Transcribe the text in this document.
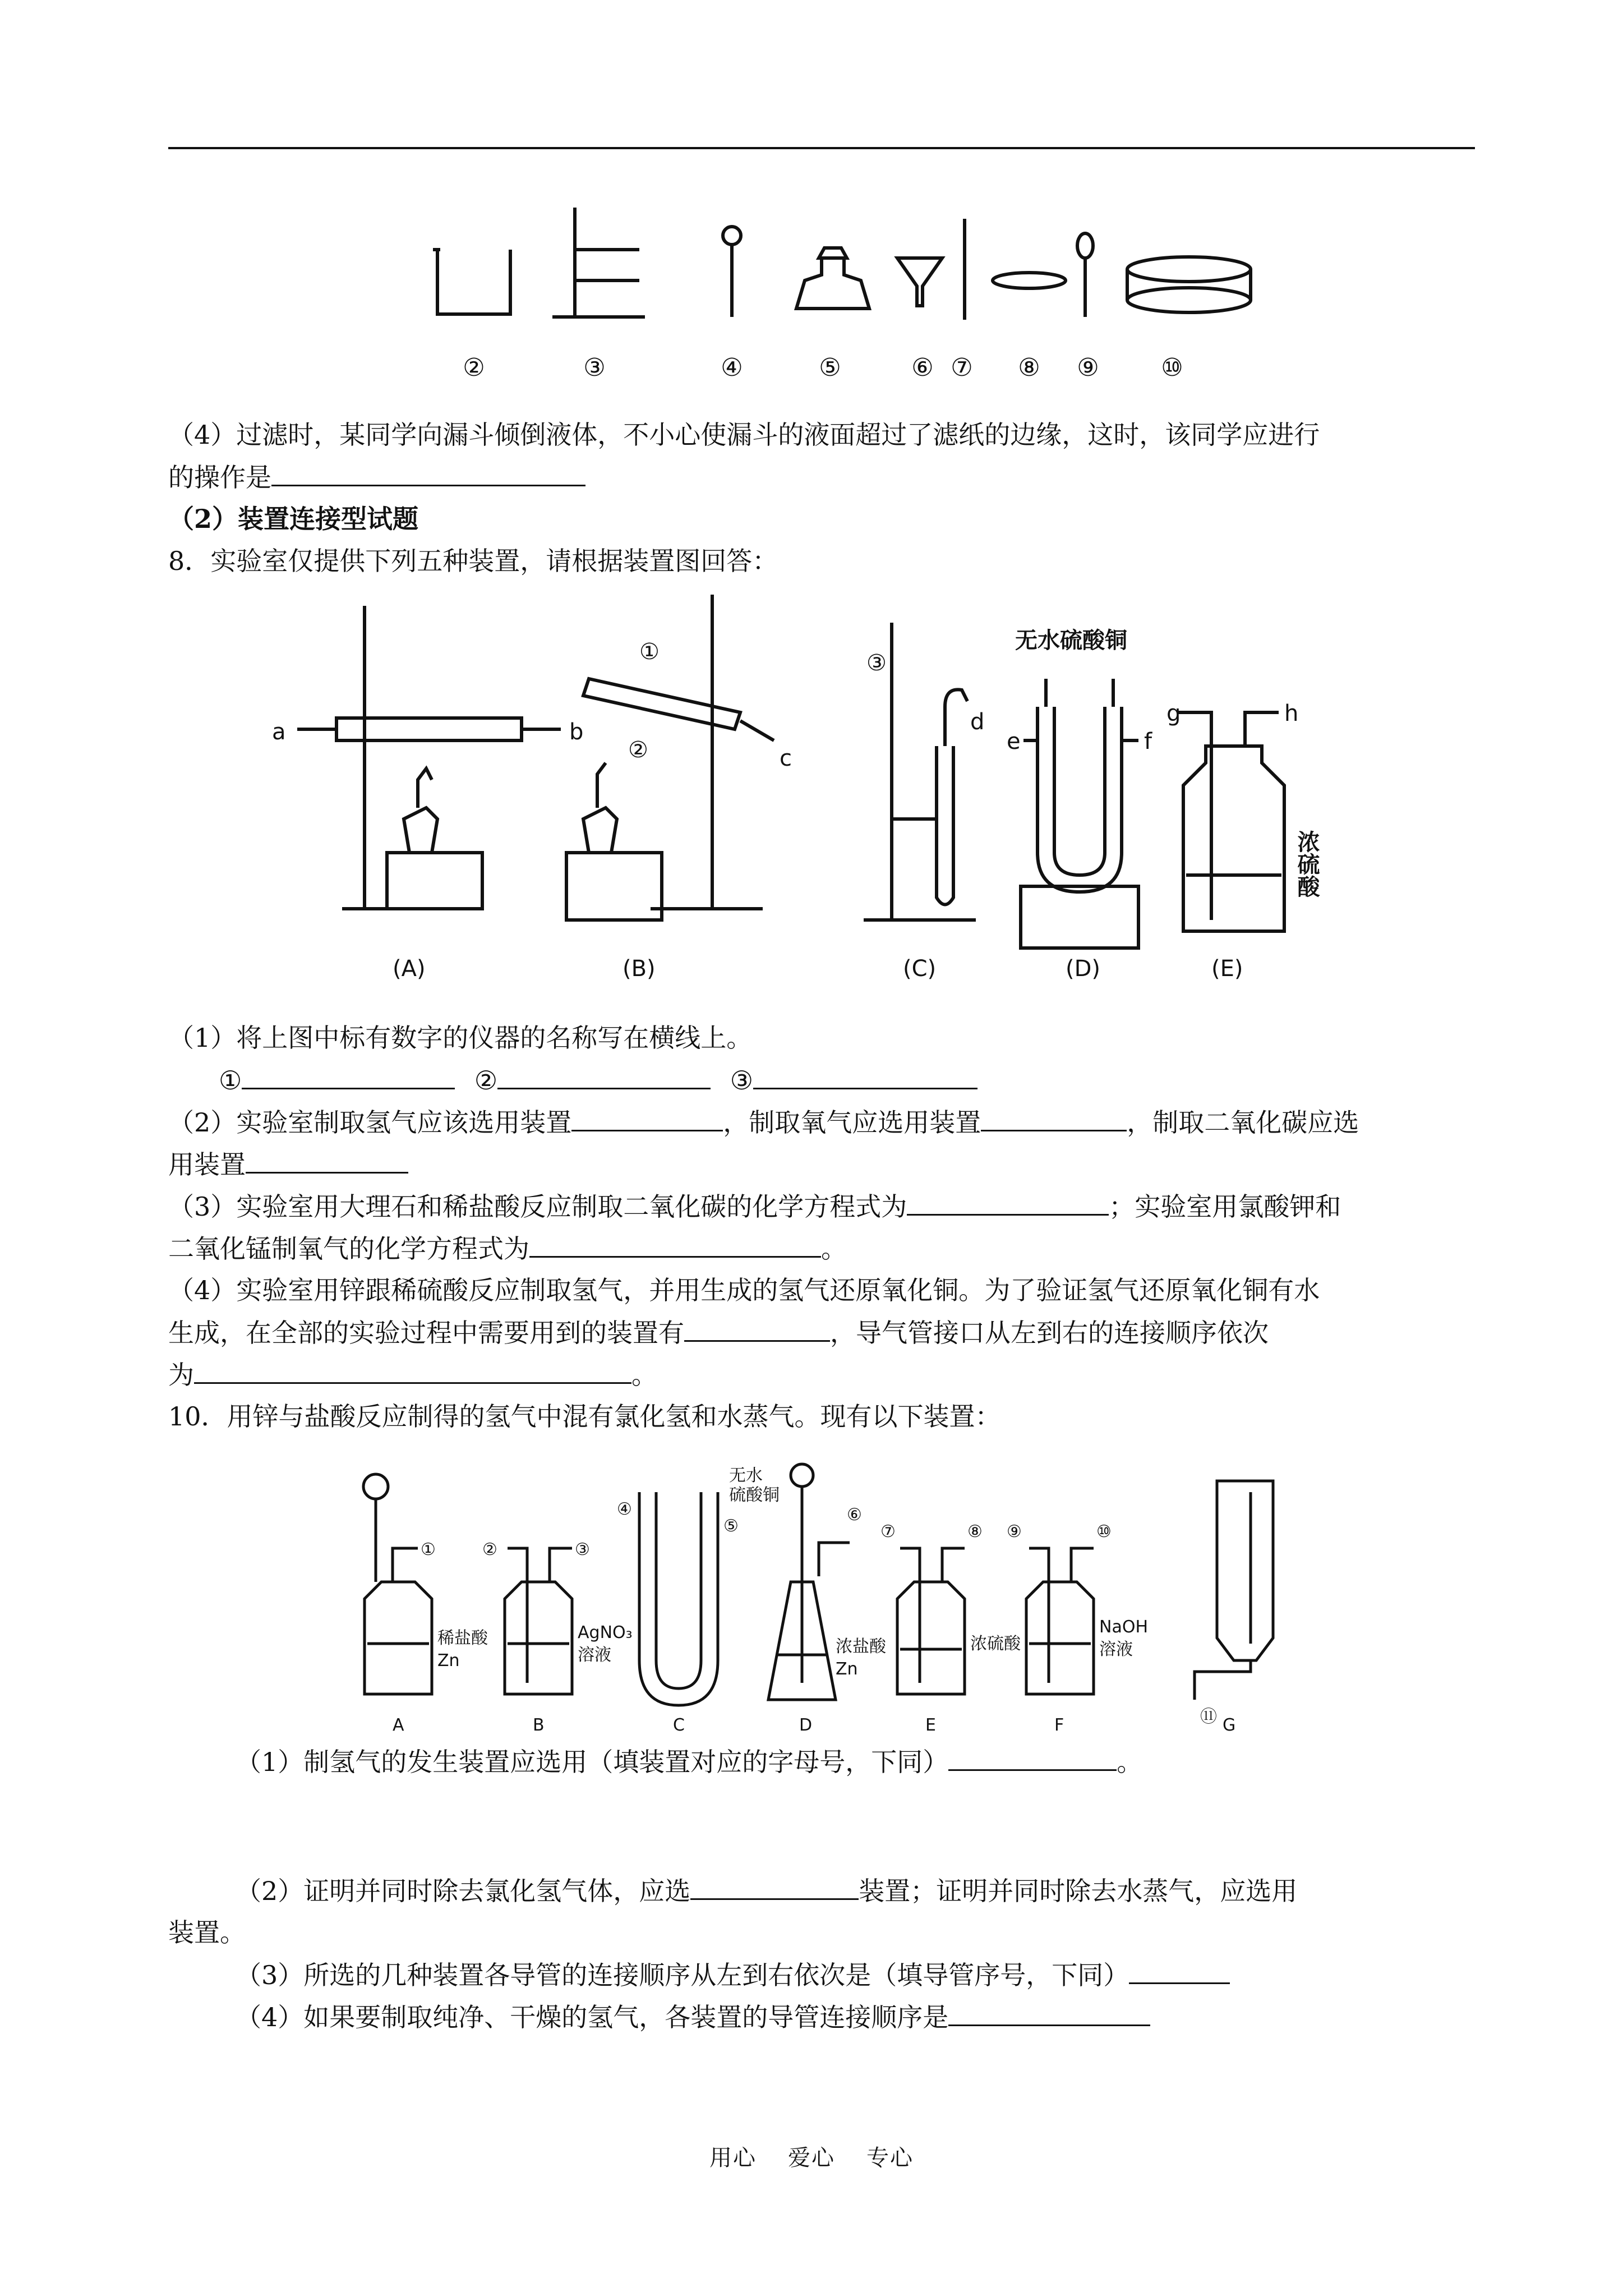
②	③	④	⑤	⑥ ⑦ ⑧ ⑨	⑩
（4）过滤时，某同学向漏斗倾倒液体，不小心使漏斗的液面超过了滤纸的边缘，这时，该同学应进行
的操作是
（2）装置连接型试题
8．实验室仅提供下列五种装置，请根据装置图回答：
a	b
c
d
e	f
g	h
①
②
③
无水硫酸铜
浓硫酸
(A)	(B)	(C)	(D)	(E)
（1）将上图中标有数字的仪器的名称写在横线上。
①	②	③
（2）实验室制取氢气应该选用装置	，制取氧气应选用装置	，制取二氧化碳应选
用装置
（3）实验室用大理石和稀盐酸反应制取二氧化碳的化学方程式为	；实验室用氯酸钾和
二氧化锰制氧气的化学方程式为	。
（4）实验室用锌跟稀硫酸反应制取氢气，并用生成的氢气还原氧化铜。为了验证氢气还原氧化铜有水
生成，在全部的实验过程中需要用到的装置有	，导气管接口从左到右的连接顺序依次
为	。
10．用锌与盐酸反应制得的氢气中混有氯化氢和水蒸气。现有以下装置：
①	②	③
④
⑤
⑥
⑦	⑧ ⑨	⑩
⑪
稀盐酸
Zn
AgNO₃
溶液
无水
硫酸铜
浓盐酸
Zn
浓硫酸
NaOH
溶液
A	B	C	D	E	F	G
（1）制氢气的发生装置应选用（填装置对应的字母号，下同）	。
（2）证明并同时除去氯化氢气体，应选	装置；证明并同时除去水蒸气，应选用
装置。
（3）所选的几种装置各导管的连接顺序从左到右依次是（填导管序号，下同）
（4）如果要制取纯净、干燥的氢气，各装置的导管连接顺序是
用心 爱心 专心
